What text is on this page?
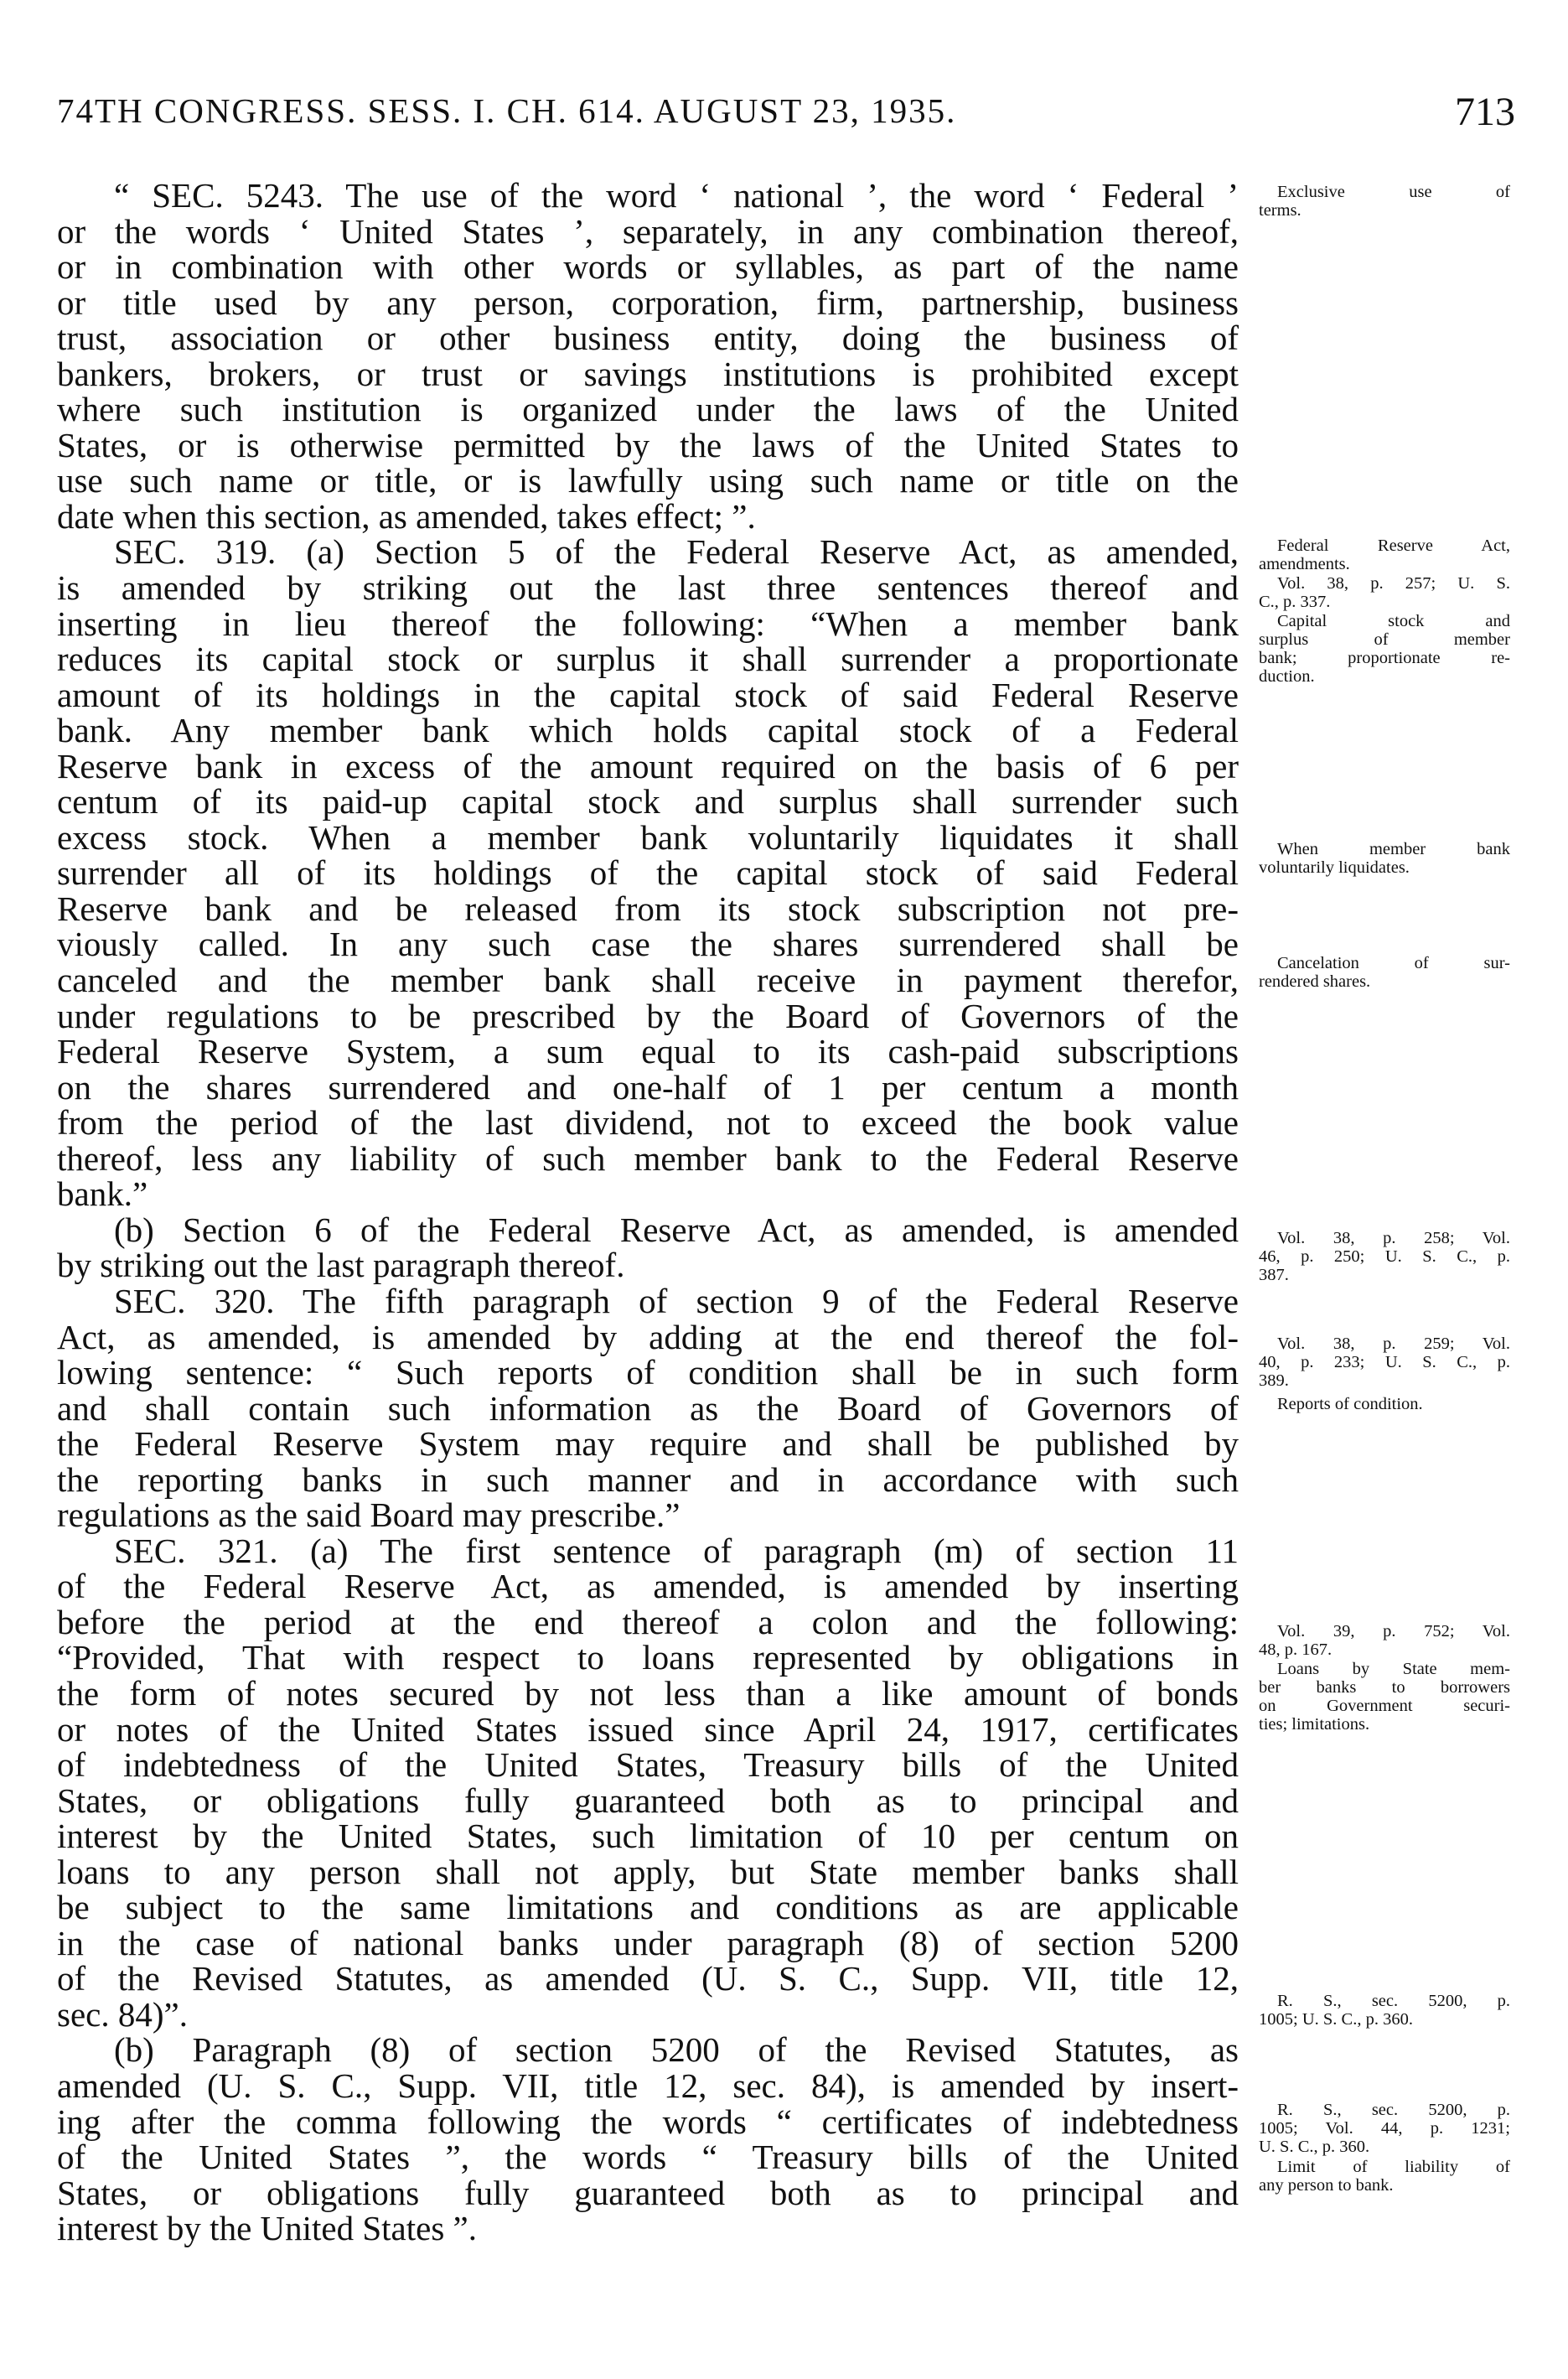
74TH CONGRESS. SESS. I. CH. 614. AUGUST 23, 1935.	713
“ SEC. 5243. The use of the word ‘ national ’, the word ‘ Federal ’
or the words ‘ United States ’, separately, in any combination thereof,
or in combination with other words or syllables, as part of the name
or title used by any person, corporation, firm, partnership, business
trust, association or other business entity, doing the business of
bankers, brokers, or trust or savings institutions is prohibited except
where such institution is organized under the laws of the United
States, or is otherwise permitted by the laws of the United States to
use such name or title, or is lawfully using such name or title on the
date when this section, as amended, takes effect; ”.
SEC. 319. (a) Section 5 of the Federal Reserve Act, as amended,
is amended by striking out the last three sentences thereof and
inserting in lieu thereof the following: “When a member bank
reduces its capital stock or surplus it shall surrender a proportionate
amount of its holdings in the capital stock of said Federal Reserve
bank. Any member bank which holds capital stock of a Federal
Reserve bank in excess of the amount required on the basis of 6 per
centum of its paid-up capital stock and surplus shall surrender such
excess stock. When a member bank voluntarily liquidates it shall
surrender all of its holdings of the capital stock of said Federal
Reserve bank and be released from its stock subscription not pre-
viously called. In any such case the shares surrendered shall be
canceled and the member bank shall receive in payment therefor,
under regulations to be prescribed by the Board of Governors of the
Federal Reserve System, a sum equal to its cash-paid subscriptions
on the shares surrendered and one-half of 1 per centum a month
from the period of the last dividend, not to exceed the book value
thereof, less any liability of such member bank to the Federal Reserve
bank.”
(b) Section 6 of the Federal Reserve Act, as amended, is amended
by striking out the last paragraph thereof.
SEC. 320. The fifth paragraph of section 9 of the Federal Reserve
Act, as amended, is amended by adding at the end thereof the fol-
lowing sentence: “ Such reports of condition shall be in such form
and shall contain such information as the Board of Governors of
the Federal Reserve System may require and shall be published by
the reporting banks in such manner and in accordance with such
regulations as the said Board may prescribe.”
SEC. 321. (a) The first sentence of paragraph (m) of section 11
of the Federal Reserve Act, as amended, is amended by inserting
before the period at the end thereof a colon and the following:
“Provided, That with respect to loans represented by obligations in
the form of notes secured by not less than a like amount of bonds
or notes of the United States issued since April 24, 1917, certificates
of indebtedness of the United States, Treasury bills of the United
States, or obligations fully guaranteed both as to principal and
interest by the United States, such limitation of 10 per centum on
loans to any person shall not apply, but State member banks shall
be subject to the same limitations and conditions as are applicable
in the case of national banks under paragraph (8) of section 5200
of the Revised Statutes, as amended (U. S. C., Supp. VII, title 12,
sec. 84)”.
(b) Paragraph (8) of section 5200 of the Revised Statutes, as
amended (U. S. C., Supp. VII, title 12, sec. 84), is amended by insert-
ing after the comma following the words “ certificates of indebtedness
of the United States ”, the words “ Treasury bills of the United
States, or obligations fully guaranteed both as to principal and
interest by the United States ”.
Exclusive use of
terms.
Federal Reserve Act,
amendments.
Vol. 38, p. 257; U. S.
C., p. 337.
Capital stock and
surplus of member
bank; proportionate re-
duction.
When member bank
voluntarily liquidates.
Cancelation of sur-
rendered shares.
Vol. 38, p. 258; Vol.
46, p. 250; U. S. C., p.
387.
Vol. 38, p. 259; Vol.
40, p. 233; U. S. C., p.
389.
Reports of condition.
Vol. 39, p. 752; Vol.
48, p. 167.
Loans by State mem-
ber banks to borrowers
on Government securi-
ties; limitations.
R. S., sec. 5200, p.
1005; U. S. C., p. 360.
R. S., sec. 5200, p.
1005; Vol. 44, p. 1231;
U. S. C., p. 360.
Limit of liability of
any person to bank.
